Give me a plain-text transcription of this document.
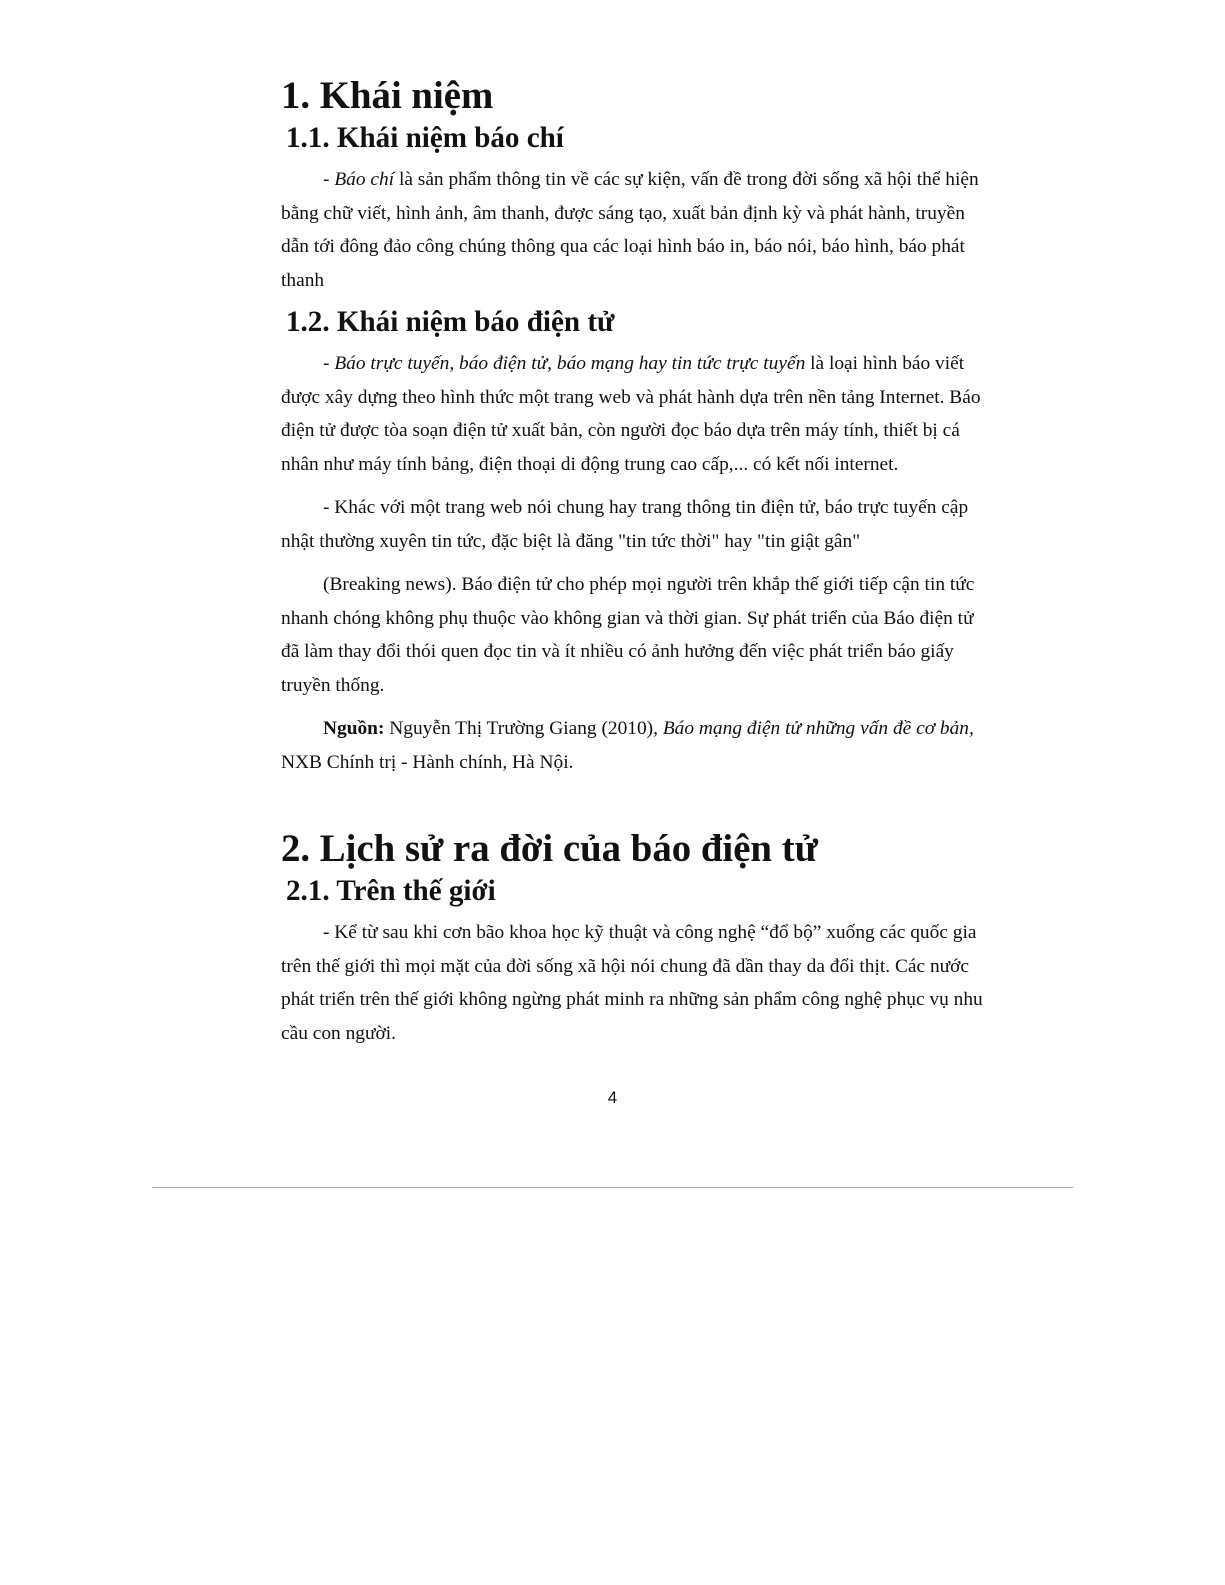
1. Khái niệm
1.1. Khái niệm báo chí

- Báo chí là sản phẩm thông tin về các sự kiện, vấn đề trong đời sống xã hội thể hiện bằng chữ viết, hình ảnh, âm thanh, được sáng tạo, xuất bản định kỳ và phát hành, truyền dẫn tới đông đảo công chúng thông qua các loại hình báo in, báo nói, báo hình, báo phát thanh

1.2. Khái niệm báo điện tử

- Báo trực tuyến, báo điện tử, báo mạng hay tin tức trực tuyến là loại hình báo viết được xây dựng theo hình thức một trang web và phát hành dựa trên nền tảng Internet. Báo điện tử được tòa soạn điện tử xuất bản, còn người đọc báo dựa trên máy tính, thiết bị cá nhân như máy tính bảng, điện thoại di động trung cao cấp,... có kết nối internet.

- Khác với một trang web nói chung hay trang thông tin điện tử, báo trực tuyến cập nhật thường xuyên tin tức, đặc biệt là đăng "tin tức thời" hay "tin giật gân"

(Breaking news). Báo điện tử cho phép mọi người trên khắp thế giới tiếp cận tin tức nhanh chóng không phụ thuộc vào không gian và thời gian. Sự phát triển của Báo điện tử đã làm thay đổi thói quen đọc tin và ít nhiều có ảnh hưởng đến việc phát triển báo giấy truyền thống.

Nguồn: Nguyễn Thị Trường Giang (2010), Báo mạng điện tử những vấn đề cơ bản, NXB Chính trị - Hành chính, Hà Nội.

2. Lịch sử ra đời của báo điện tử
2.1. Trên thế giới

- Kể từ sau khi cơn bão khoa học kỹ thuật và công nghệ “đổ bộ” xuống các quốc gia trên thế giới thì mọi mặt của đời sống xã hội nói chung đã dần thay da đổi thịt. Các nước phát triển trên thế giới không ngừng phát minh ra những sản phẩm công nghệ phục vụ nhu cầu con người.

4
